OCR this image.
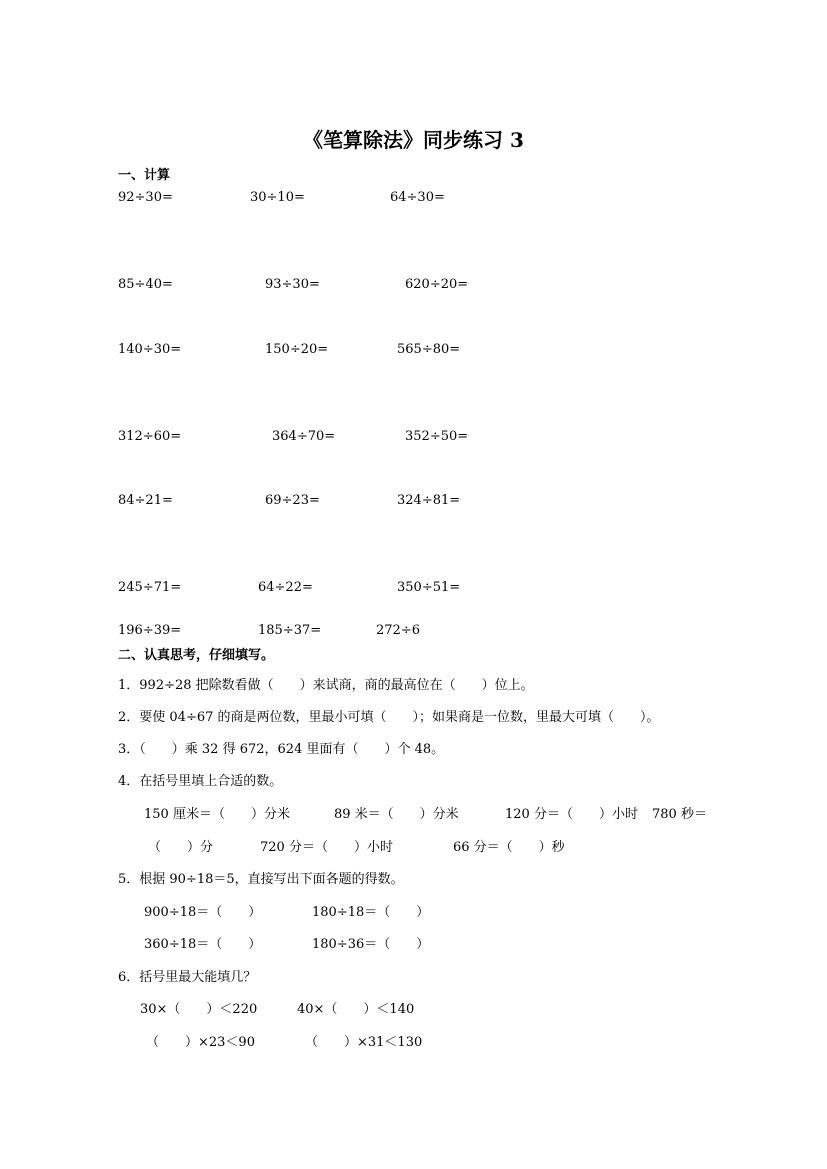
《笔算除法》同步练习 3
一、计算
92÷30=	30÷10=	64÷30=
85÷40=	93÷30=	620÷20=
140÷30=	150÷20=	565÷80=
312÷60=	364÷70=	352÷50=
84÷21=	69÷23=	324÷81=
245÷71=	64÷22=	350÷51=
196÷39=	185÷37=	272÷6
二、认真思考，仔细填写。
1．992÷28 把除数看做（　　）来试商，商的最高位在（　　）位上。
2．要使 04÷67 的商是两位数，里最小可填（　　）；如果商是一位数，里最大可填（　　）。
3．（　　）乘 32 得 672，624 里面有（　　）个 48。
4．在括号里填上合适的数。
150 厘米＝（　　）分米	89 米＝（　　）分米	120 分＝（　　）小时 780 秒＝
（　　）分	720 分＝（　　）小时	66 分＝（　　）秒
5．根据 90÷18＝5，直接写出下面各题的得数。
900÷18＝（　　）	180÷18＝（　　）
360÷18＝（　　）	180÷36＝（　　）
6．括号里最大能填几？
30×（　　）＜220	40×（　　）＜140
（　　）×23＜90	（　　）×31＜130
